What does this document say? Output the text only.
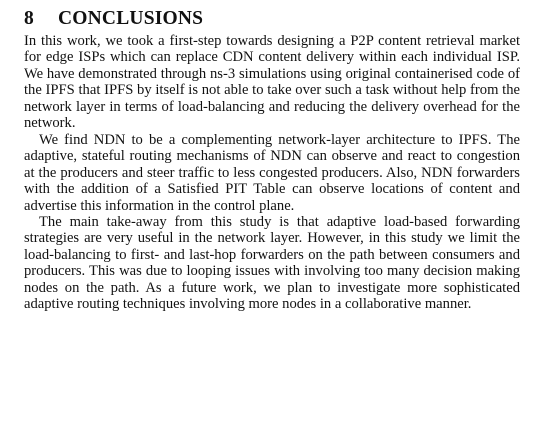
8	CONCLUSIONS

In this work, we took a first-step towards designing a P2P content retrieval market for edge ISPs which can replace CDN content delivery within each individual ISP. We have demonstrated through ns-3 simulations using original containerised code of the IPFS that IPFS by itself is not able to take over such a task without help from the network layer in terms of load-balancing and reducing the delivery overhead for the network.

We find NDN to be a complementing network-layer architecture to IPFS. The adaptive, stateful routing mechanisms of NDN can observe and react to congestion at the producers and steer traffic to less congested producers. Also, NDN forwarders with the addition of a Satisfied PIT Table can observe locations of content and advertise this information in the control plane.

The main take-away from this study is that adaptive load-based forwarding strategies are very useful in the network layer. However, in this study we limit the load-balancing to first- and last-hop forwarders on the path between consumers and producers. This was due to looping issues with involving too many decision making nodes on the path. As a future work, we plan to investigate more sophisticated adaptive routing techniques involving more nodes in a collaborative manner.
